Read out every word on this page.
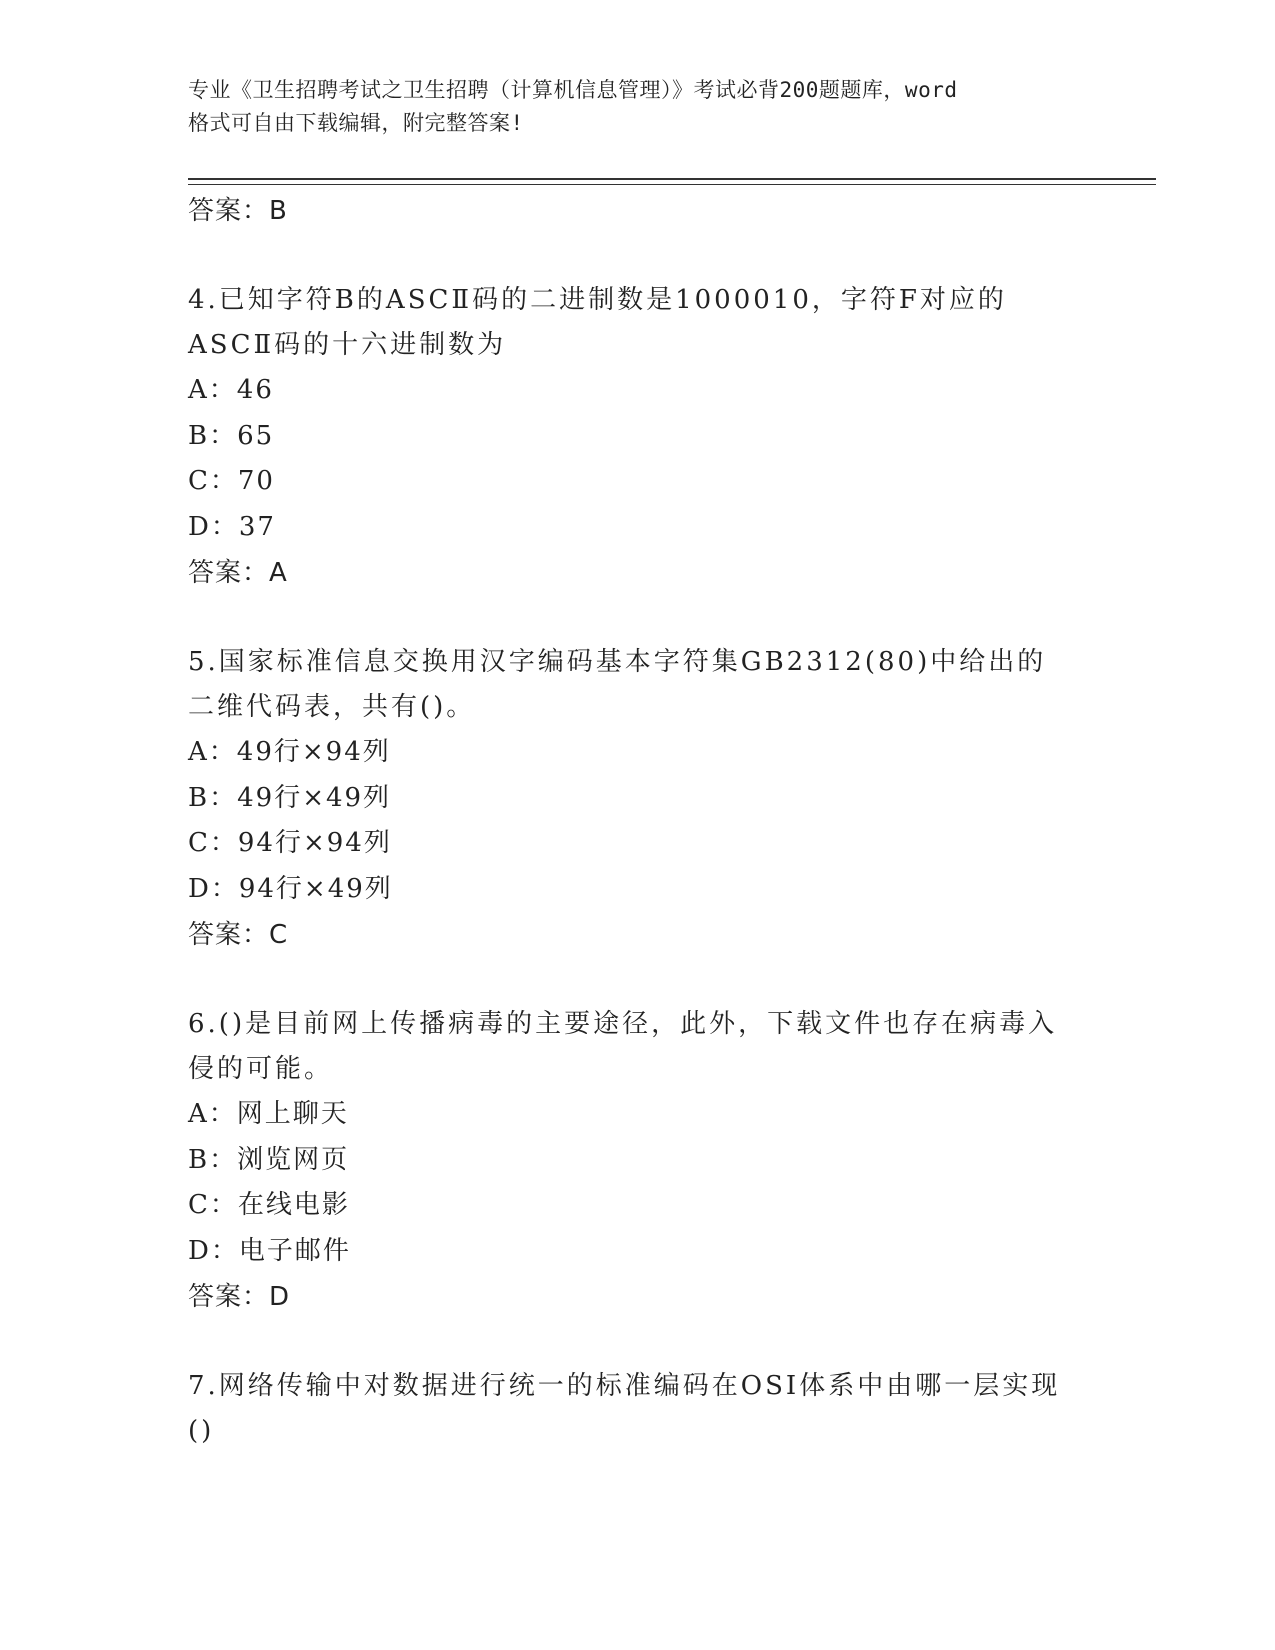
专业《卫生招聘考试之卫生招聘（计算机信息管理）》考试必背200题题库，word
格式可自由下载编辑，附完整答案!
答案：B
4.已知字符B的ASCⅡ码的二进制数是1000010，字符F对应的ASCⅡ码的十六进制数为
A：46
B：65
C：70
D：37
答案：A
5.国家标准信息交换用汉字编码基本字符集GB2312(80)中给出的二维代码表，共有()。
A：49行×94列
B：49行×49列
C：94行×94列
D：94行×49列
答案：C
6.()是目前网上传播病毒的主要途径，此外，下载文件也存在病毒入侵的可能。
A：网上聊天
B：浏览网页
C：在线电影
D：电子邮件
答案：D
7.网络传输中对数据进行统一的标准编码在OSI体系中由哪一层实现()
